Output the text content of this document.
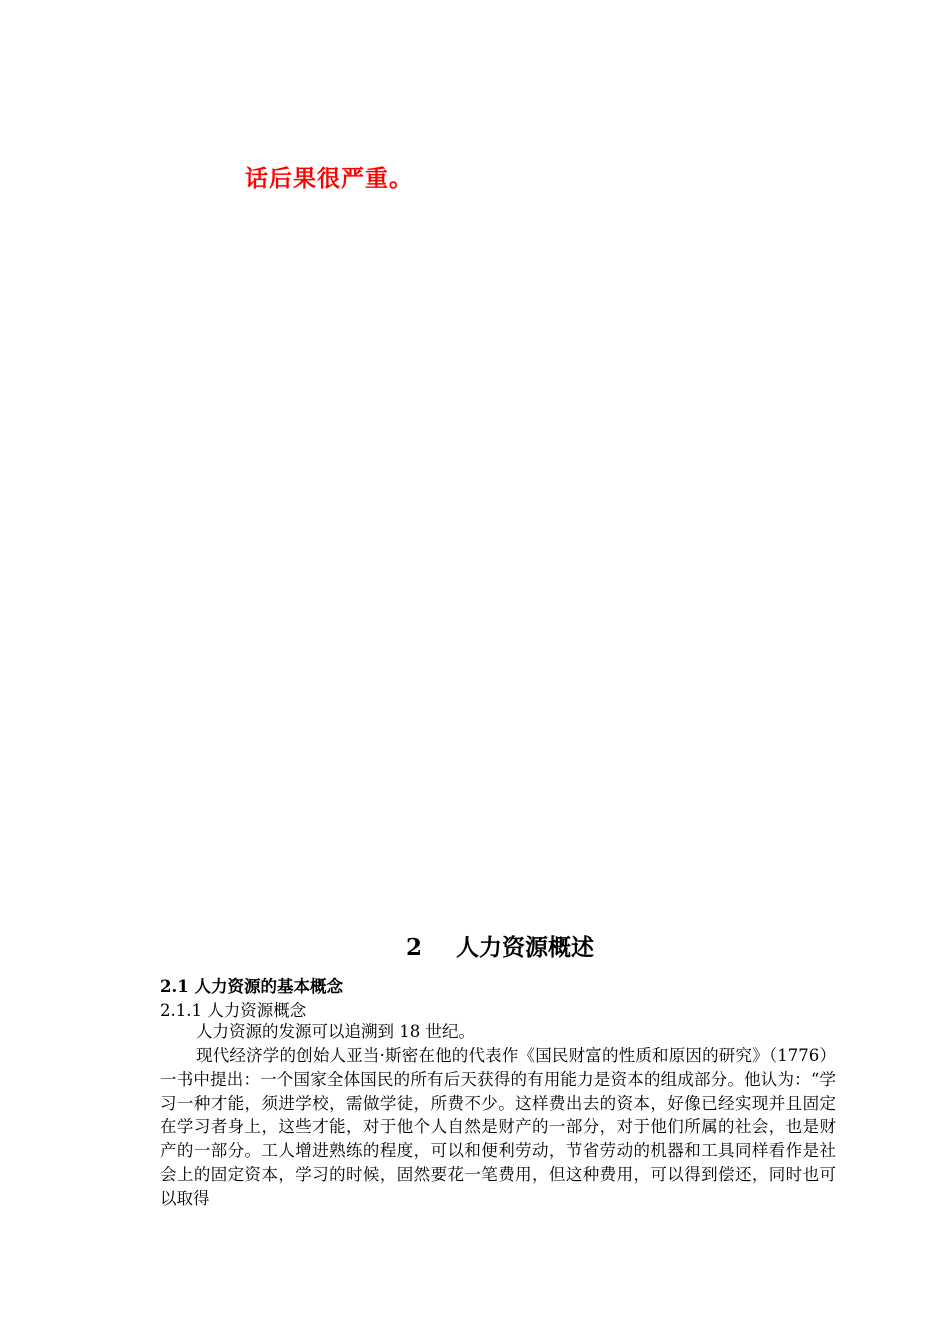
话后果很严重。
2 人力资源概述
2.1 人力资源的基本概念
2.1.1 人力资源概念

人力资源的发源可以追溯到 18 世纪。

现代经济学的创始人亚当·斯密在他的代表作《国民财富的性质和原因的研究》（1776）一书中提出：一个国家全体国民的所有后天获得的有用能力是资本的组成部分。他认为：“学习一种才能，须进学校，需做学徒，所费不少。这样费出去的资本，好像已经实现并且固定在学习者身上，这些才能，对于他个人自然是财产的一部分，对于他们所属的社会，也是财产的一部分。工人增进熟练的程度，可以和便利劳动，节省劳动的机器和工具同样看作是社会上的固定资本，学习的时候，固然要花一笔费用，但这种费用，可以得到偿还，同时也可以取得
